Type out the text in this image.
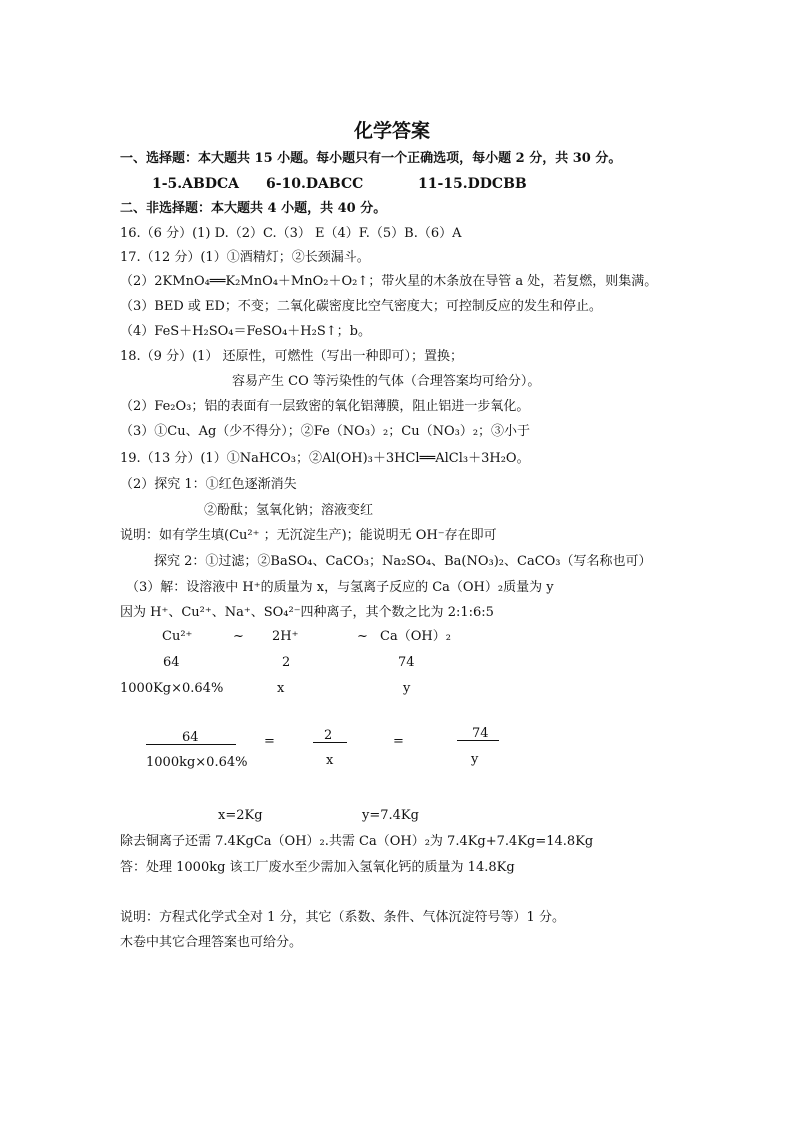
化学答案
一、选择题：本大题共 15 小题。每小题只有一个正确选项，每小题 2 分，共 30 分。
1-5.ABDCA 6-10.DABCC	11-15.DDCBB
二、非选择题：本大题共 4 小题，共 40 分。
16.（6 分）(1) D.（2）C.（3） E（4）F.（5）B.（6）A
17.（12 分）(1）①酒精灯；②长颈漏斗。
（2）2KMnO₄══K₂MnO₄＋MnO₂＋O₂↑；带火星的木条放在导管 a 处，若复燃，则集满。
（3）BED 或 ED；不变；二氧化碳密度比空气密度大；可控制反应的发生和停止。
（4）FeS＋H₂SO₄＝FeSO₄＋H₂S↑；b。
18.（9 分）(1） 还原性，可燃性（写出一种即可）；置换；
容易产生 CO 等污染性的气体（合理答案均可给分）。
（2）Fe₂O₃；铝的表面有一层致密的氧化铝薄膜，阻止铝进一步氧化。
（3）①Cu、Ag（少不得分）；②Fe（NO₃）₂；Cu（NO₃）₂；③小于
19.（13 分）(1）①NaHCO₃；②Al(OH)₃＋3HCl══AlCl₃＋3H₂O。
（2）探究 1：①红色逐渐消失
②酚酞；氢氧化钠；溶液变红
说明：如有学生填(Cu²⁺ ；无沉淀生产)；能说明无 OH⁻存在即可
探究 2：①过滤；②BaSO₄、CaCO₃；Na₂SO₄、Ba(NO₃)₂、CaCO₃（写名称也可）
（3）解：设溶液中 H⁺的质量为 x，与氢离子反应的 Ca（OH）₂质量为 y
因为 H⁺、Cu²⁺、Na⁺、SO₄²⁻四种离子，其个数之比为 2:1:6:5
Cu²⁺	~ 2H⁺	~ Ca（OH）₂
64	2	74
1000Kg×0.64%	x	y
64
1000kg×0.64%
=	2
x
=
74
y
x=2Kg	y=7.4Kg
除去铜离子还需 7.4KgCa（OH）₂.共需 Ca（OH）₂为 7.4Kg+7.4Kg=14.8Kg
答：处理 1000kg 该工厂废水至少需加入氢氧化钙的质量为 14.8Kg
说明：方程式化学式全对 1 分，其它（系数、条件、气体沉淀符号等）1 分。
木卷中其它合理答案也可给分。
